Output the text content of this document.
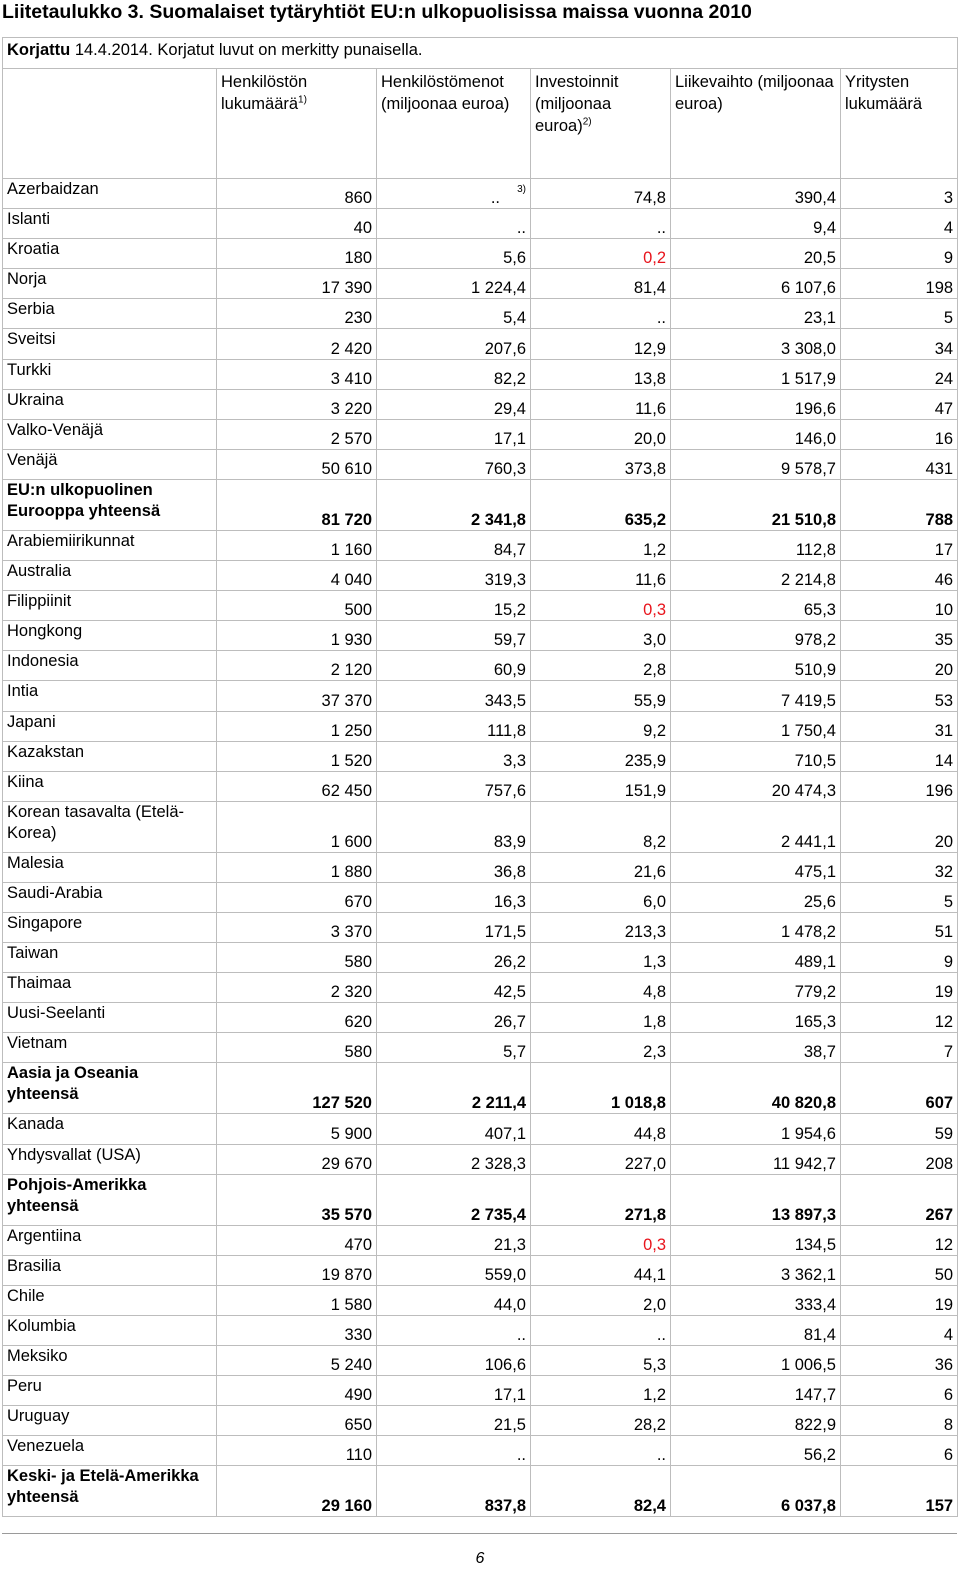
Liitetaulukko 3. Suomalaiset tytäryhtiöt EU:n ulkopuolisissa maissa vuonna 2010
Korjattu 14.4.2014. Korjatut luvut on merkitty punaisella.					

	Henkilöstön lukumäärä$^{1)}$	Henkilöstömenot (miljoonaa euroa)	Investoinnit (miljoonaa euroa)$^{2)}$	Liikevaihto (miljoonaa euroa)	Yritysten lukumäärä

Azerbaidzan	860	.. 3)	74,8	390,4	3
Islanti	40	..	..	9,4	4
Kroatia	180	5,6	0,2	20,5	9
Norja	17 390	1 224,4	81,4	6 107,6	198
Serbia	230	5,4	..	23,1	5
Sveitsi	2 420	207,6	12,9	3 308,0	34
Turkki	3 410	82,2	13,8	1 517,9	24
Ukraina	3 220	29,4	11,6	196,6	47
Valko-Venäjä	2 570	17,1	20,0	146,0	16
Venäjä	50 610	760,3	373,8	9 578,7	431
EU:n ulkopuolinen Eurooppa yhteensä	81 720	2 341,8	635,2	21 510,8	788
Arabiemiirikunnat	1 160	84,7	1,2	112,8	17
Australia	4 040	319,3	11,6	2 214,8	46
Filippiinit	500	15,2	0,3	65,3	10
Hongkong	1 930	59,7	3,0	978,2	35
Indonesia	2 120	60,9	2,8	510,9	20
Intia	37 370	343,5	55,9	7 419,5	53
Japani	1 250	111,8	9,2	1 750,4	31
Kazakstan	1 520	3,3	235,9	710,5	14
Kiina	62 450	757,6	151,9	20 474,3	196
Korean tasavalta (Etelä-Korea)	1 600	83,9	8,2	2 441,1	20
Malesia	1 880	36,8	21,6	475,1	32
Saudi-Arabia	670	16,3	6,0	25,6	5
Singapore	3 370	171,5	213,3	1 478,2	51
Taiwan	580	26,2	1,3	489,1	9
Thaimaa	2 320	42,5	4,8	779,2	19
Uusi-Seelanti	620	26,7	1,8	165,3	12
Vietnam	580	5,7	2,3	38,7	7
Aasia ja Oseania yhteensä	127 520	2 211,4	1 018,8	40 820,8	607
Kanada	5 900	407,1	44,8	1 954,6	59
Yhdysvallat (USA)	29 670	2 328,3	227,0	11 942,7	208
Pohjois-Amerikka yhteensä	35 570	2 735,4	271,8	13 897,3	267
Argentiina	470	21,3	0,3	134,5	12
Brasilia	19 870	559,0	44,1	3 362,1	50
Chile	1 580	44,0	2,0	333,4	19
Kolumbia	330	..	..	81,4	4
Meksiko	5 240	106,6	5,3	1 006,5	36
Peru	490	17,1	1,2	147,7	6
Uruguay	650	21,5	28,2	822,9	8
Venezuela	110	..	..	56,2	6
Keski- ja Etelä-Amerikka yhteensä	29 160	837,8	82,4	6 037,8	157
6
